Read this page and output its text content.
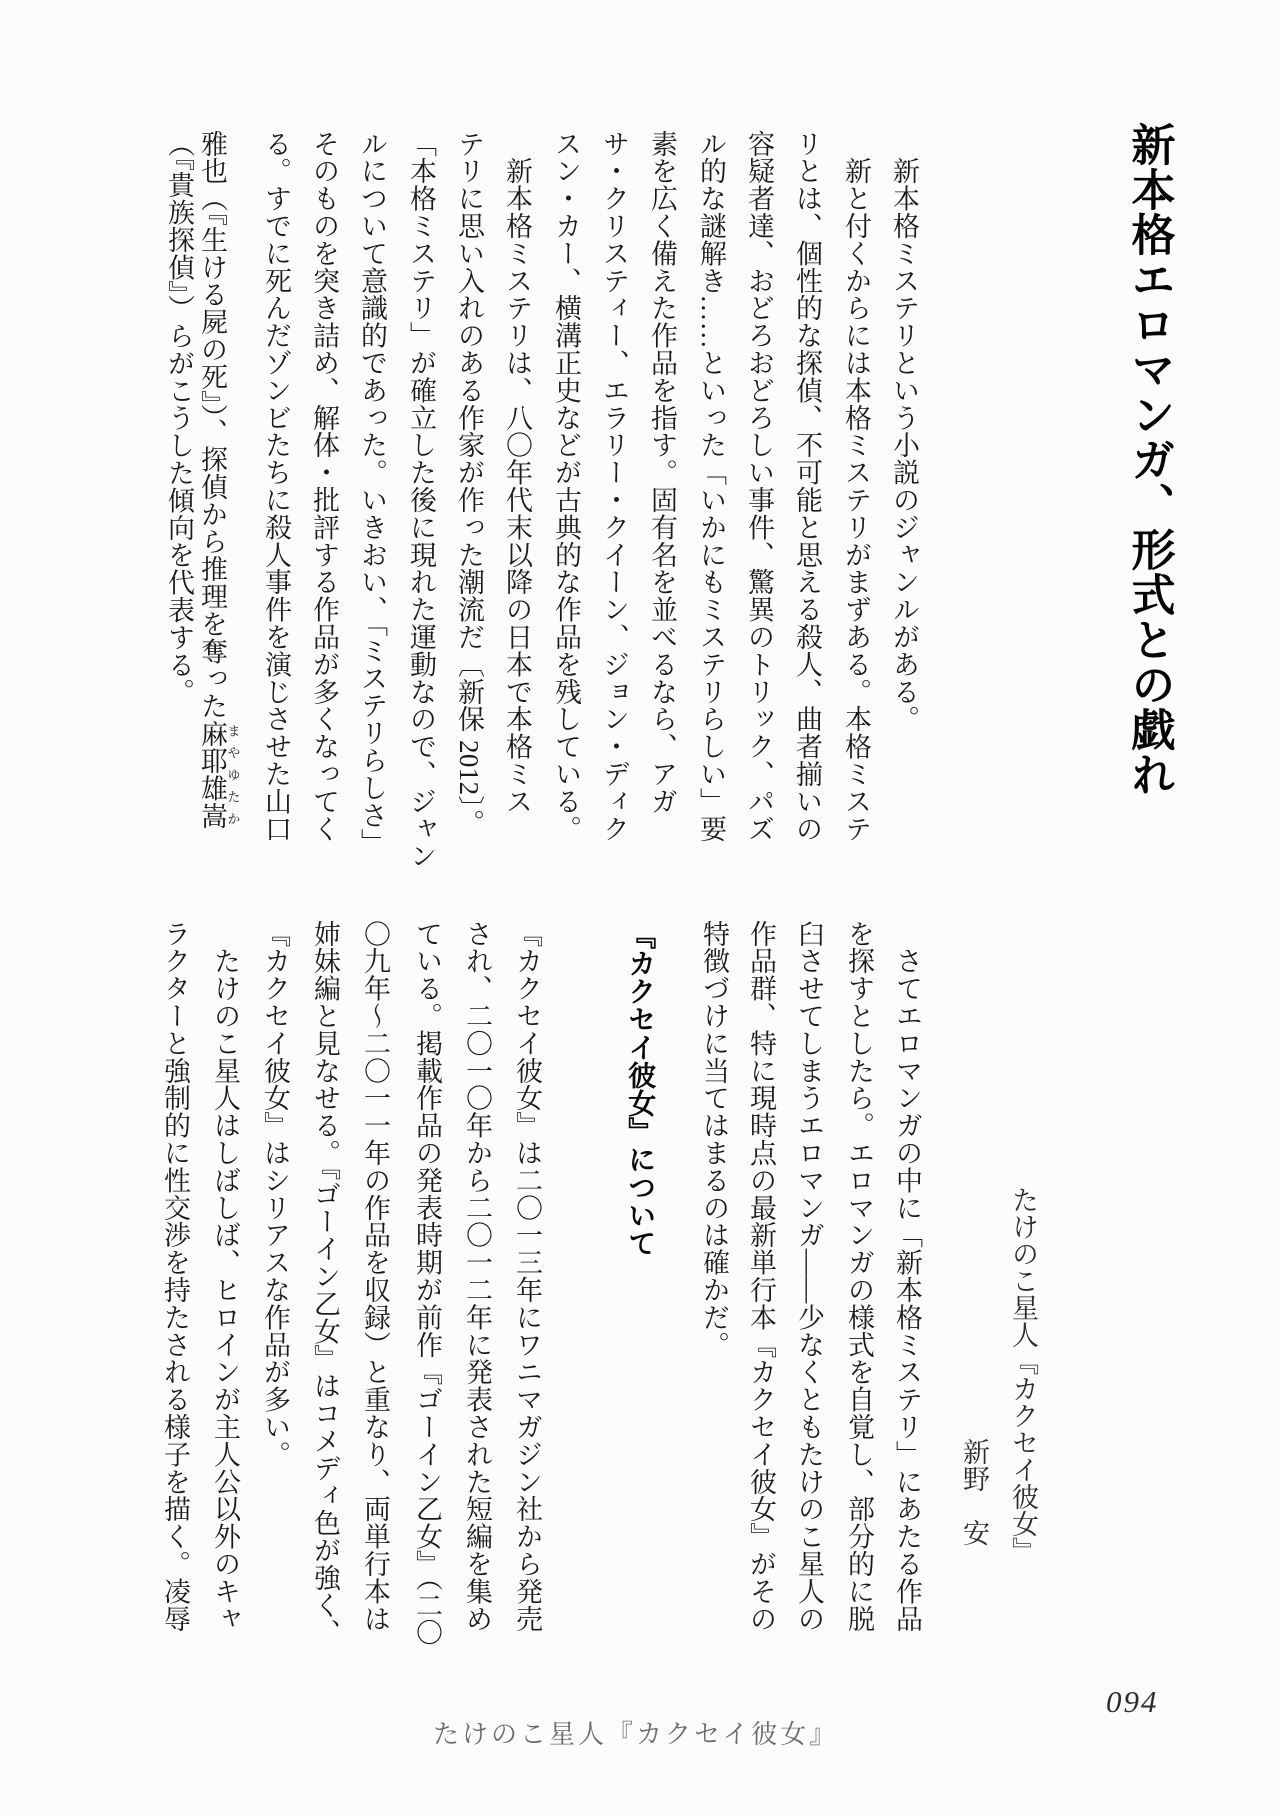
新本格エロマンガ、形式との戯れ
　新本格ミステリという小説のジャンルがある。
　新と付くからには本格ミステリがまずある。本格ミステ
リとは、個性的な探偵、不可能と思える殺人、曲者揃いの
容疑者達、おどろおどろしい事件、驚異のトリック、パズ
ル的な謎解き……といった「いかにもミステリらしい」要
素を広く備えた作品を指す。固有名を並べるなら、アガ
サ・クリスティー、エラリー・クイーン、ジョン・ディク
スン・カー、横溝正史などが古典的な作品を残している。
　新本格ミステリは、八〇年代末以降の日本で本格ミス
テリに思い入れのある作家が作った潮流だ〔新保 2012〕。
「本格ミステリ」が確立した後に現れた運動なので、ジャン
ルについて意識的であった。いきおい、「ミステリらしさ」
そのものを突き詰め、解体・批評する作品が多くなってく
る。すでに死んだゾンビたちに殺人事件を演じさせた山口
雅也（『生ける屍の死』）、探偵から推理を奪った麻耶雄嵩まやゆたか
（『貴族探偵』）らがこうした傾向を代表する。
たけのこ星人『カクセイ彼女』
新野　安
　さてエロマンガの中に「新本格ミステリ」にあたる作品
を探すとしたら。エロマンガの様式を自覚し、部分的に脱
臼させてしまうエロマンガ――少なくともたけのこ星人の
作品群、特に現時点の最新単行本『カクセイ彼女』がその
特徴づけに当てはまるのは確かだ。
『カクセイ彼女』について
『カクセイ彼女』は二〇一三年にワニマガジン社から発売
され、二〇一〇年から二〇一二年に発表された短編を集め
ている。掲載作品の発表時期が前作『ゴーイン乙女』（二〇
〇九年～二〇一一年の作品を収録）と重なり、両単行本は
姉妹編と見なせる。『ゴーイン乙女』はコメディ色が強く、
『カクセイ彼女』はシリアスな作品が多い。
　たけのこ星人はしばしば、ヒロインが主人公以外のキャ
ラクターと強制的に性交渉を持たされる様子を描く。凌辱
たけのこ星人『カクセイ彼女』
094
